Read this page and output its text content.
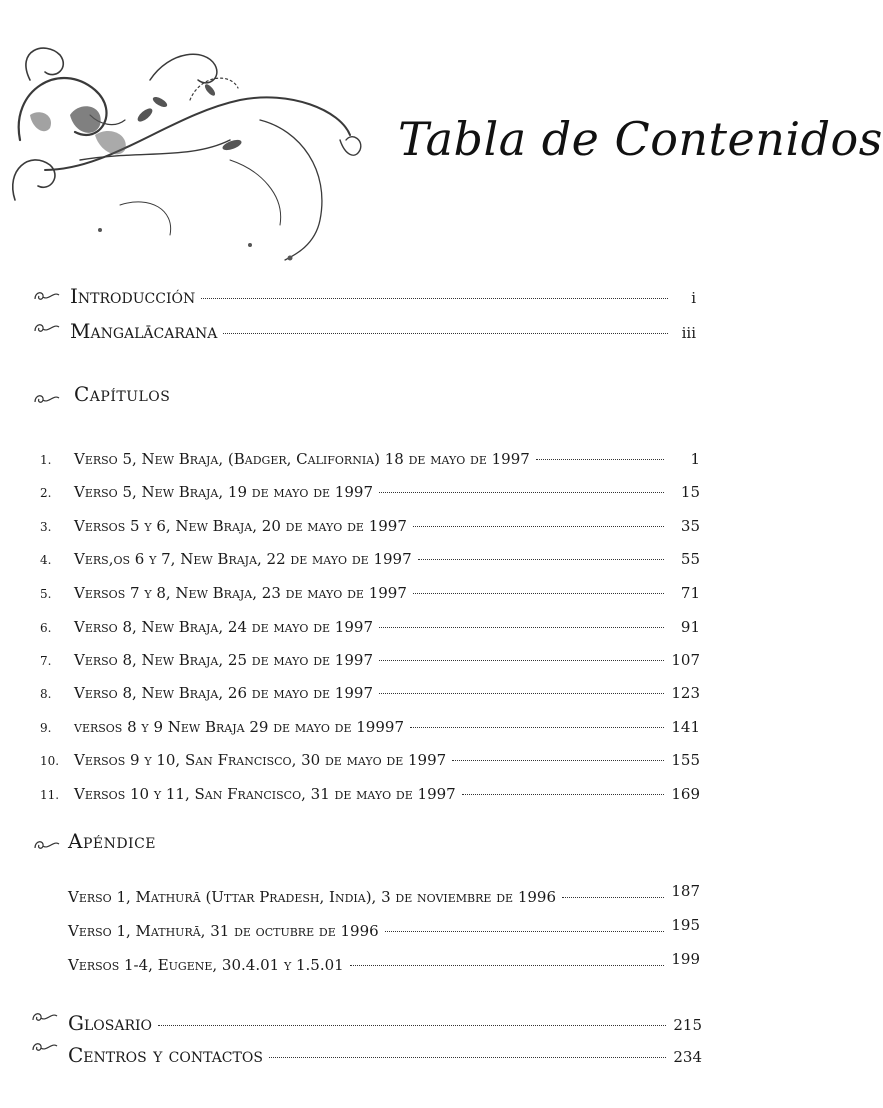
Tabla de Contenidos
Introducción	i
Mangalācarana	iii
Capítulos
1.	Verso 5, New Braja, (Badger, California) 18 de mayo de 1997	1
2.	Verso 5, New Braja, 19 de mayo de 1997	15
3.	Versos 5 y 6, New Braja, 20 de mayo de 1997	35
4.	Vers‚os 6 y 7, New Braja, 22 de mayo de 1997	55
5.	Versos 7 y 8, New Braja, 23 de mayo de 1997	71
6.	Verso 8, New Braja, 24 de mayo de 1997	91
7.	Verso 8, New Braja, 25 de mayo de 1997	107
8.	Verso 8, New Braja, 26 de mayo de 1997	123
9.	versos 8 y 9 New Braja 29 de mayo de 19997	141
10. Versos 9 y 10, San Francisco, 30 de mayo de 1997	155
11. Versos 10 y 11, San Francisco, 31 de mayo de 1997	169
Apéndice
Verso 1, Mathurā (Uttar Pradesh, India), 3 de noviembre de 1996	187
Verso 1, Mathurā, 31 de octubre de 1996	195
Versos 1-4, Eugene, 30.4.01 y 1.5.01	199
Glosario	215
Centros y contactos	234
